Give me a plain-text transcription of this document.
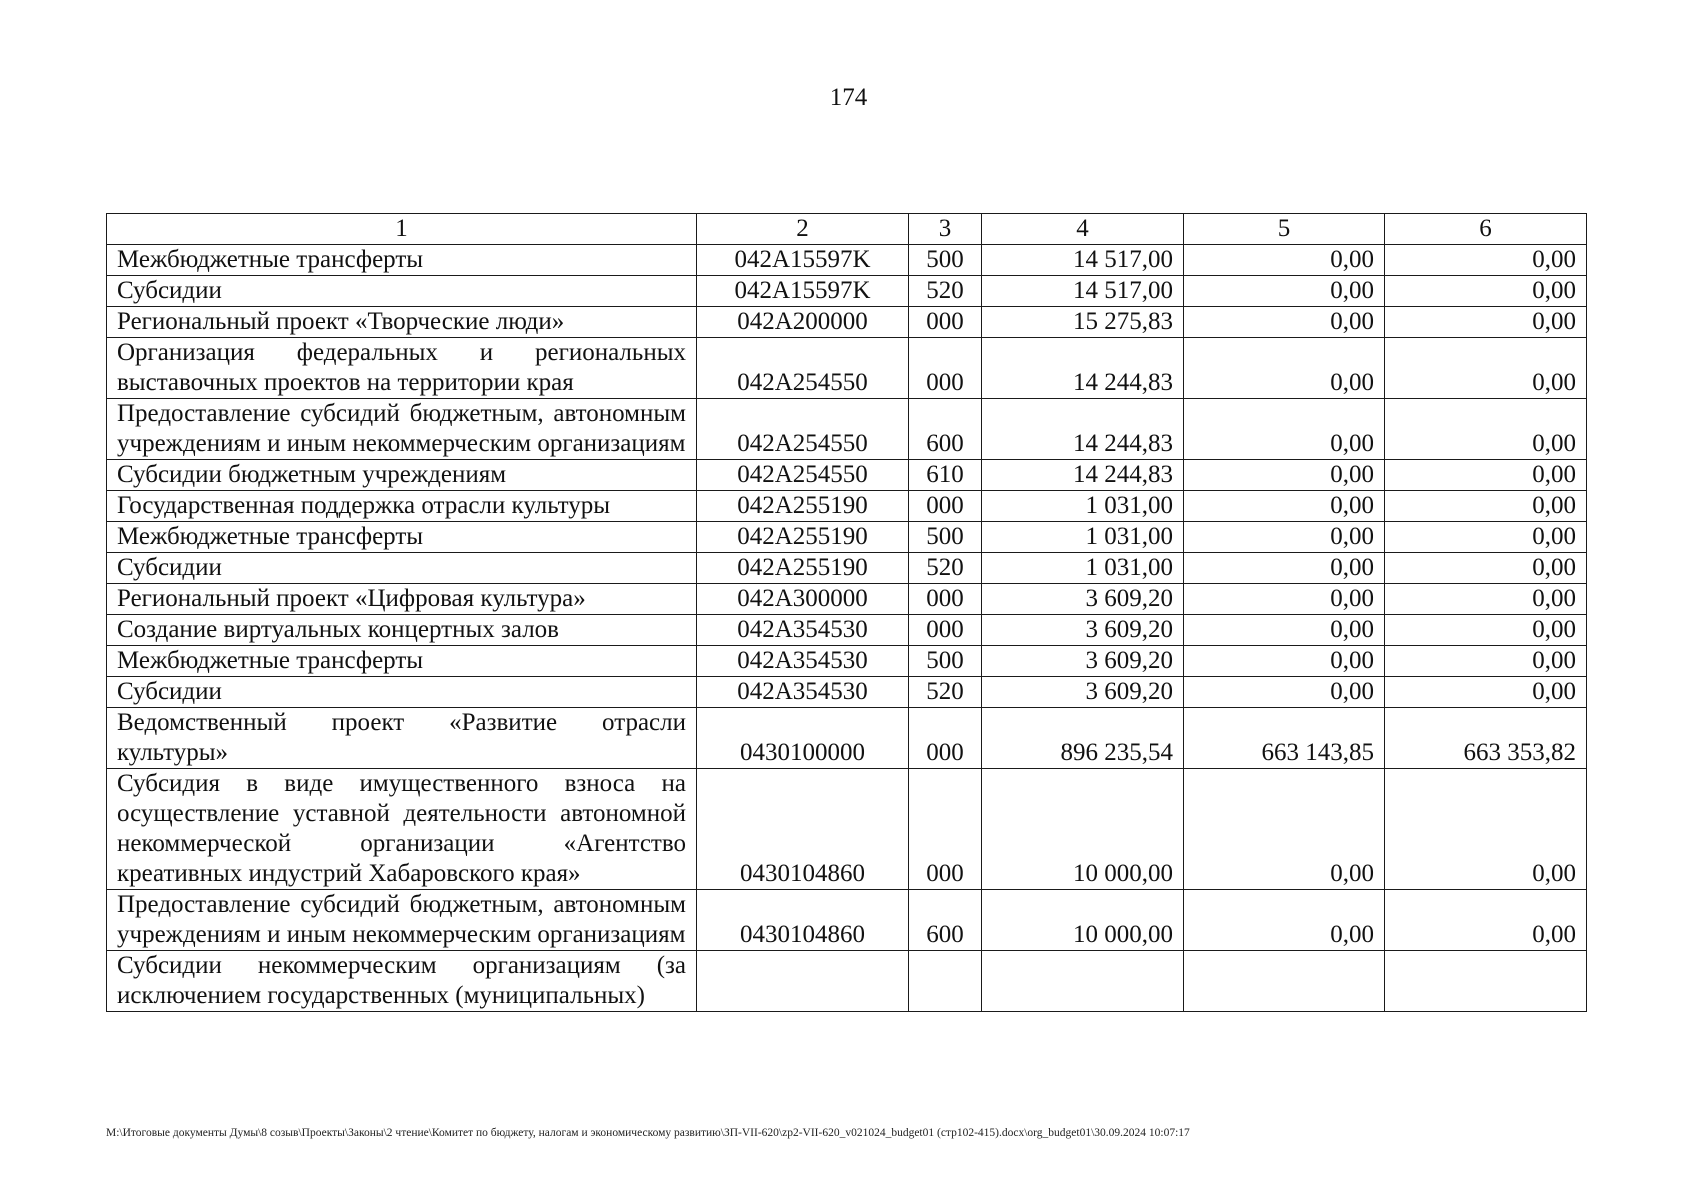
174
1	2	3	4	5	6
Межбюджетные трансферты	042A15597K	500	14 517,00	0,00	0,00
Субсидии	042A15597K	520	14 517,00	0,00	0,00
Региональный проект «Творческие люди»	042A200000	000	15 275,83	0,00	0,00
Организация федеральных и региональных выставочных проектов на территории края	042A254550	000	14 244,83	0,00	0,00
Предоставление субсидий бюджетным, автономным учреждениям и иным некоммерческим организациям	042A254550	600	14 244,83	0,00	0,00
Субсидии бюджетным учреждениям	042A254550	610	14 244,83	0,00	0,00
Государственная поддержка отрасли культуры	042A255190	000	1 031,00	0,00	0,00
Межбюджетные трансферты	042A255190	500	1 031,00	0,00	0,00
Субсидии	042A255190	520	1 031,00	0,00	0,00
Региональный проект «Цифровая культура»	042A300000	000	3 609,20	0,00	0,00
Создание виртуальных концертных залов	042A354530	000	3 609,20	0,00	0,00
Межбюджетные трансферты	042A354530	500	3 609,20	0,00	0,00
Субсидии	042A354530	520	3 609,20	0,00	0,00
Ведомственный проект «Развитие отрасли культуры»	0430100000	000	896 235,54	663 143,85	663 353,82
Субсидия в виде имущественного взноса на осуществление уставной деятельности автономной некоммерческой организации «Агентство креативных индустрий Хабаровского края»	0430104860	000	10 000,00	0,00	0,00
Предоставление субсидий бюджетным, автономным учреждениям и иным некоммерческим организациям	0430104860	600	10 000,00	0,00	0,00
Субсидии некоммерческим организациям (за исключением государственных (муниципальных)					
M:\Итоговые документы Думы\8 созыв\Проекты\Законы\2 чтение\Комитет по бюджету, налогам и экономическому развитию\ЗП-VII-620\zp2-VII-620_v021024_budget01 (стр102-415).docx\org_budget01\30.09.2024 10:07:17
